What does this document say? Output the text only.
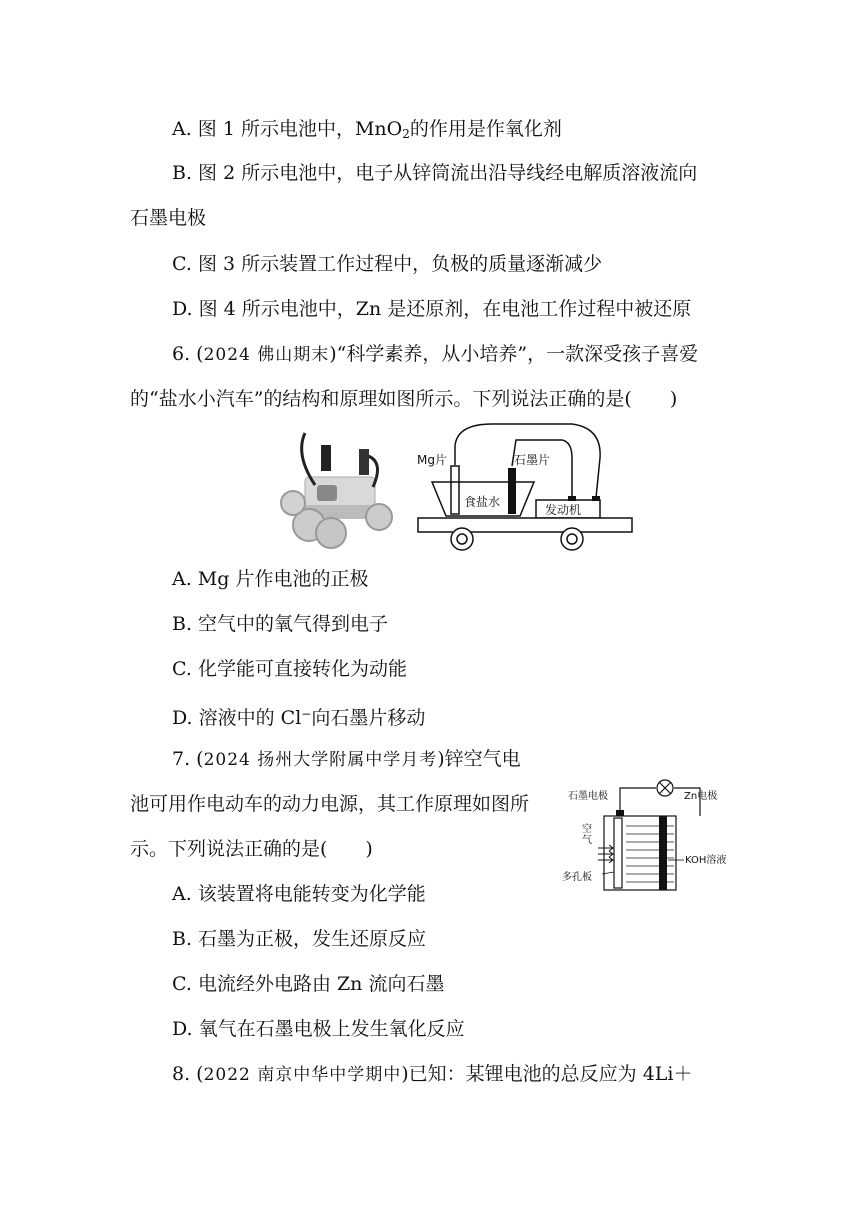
A. 图 1 所示电池中，MnO$_2$的作用是作氧化剂
B. 图 2 所示电池中，电子从锌筒流出沿导线经电解质溶液流向
石墨电极
C. 图 3 所示装置工作过程中，负极的质量逐渐减少
D. 图 4 所示电池中，Zn 是还原剂，在电池工作过程中被还原
6. (2024 佛山期末)“科学素养，从小培养”，一款深受孩子喜爱
的“盐水小汽车”的结构和原理如图所示。下列说法正确的是(　　)
Mg片	石墨片
食盐水
发动机
A. Mg 片作电池的正极
B. 空气中的氧气得到电子
C. 化学能可直接转化为动能
D. 溶液中的 Cl−向石墨片移动
7. (2024 扬州大学附属中学月考)锌空气电
池可用作电动车的动力电源，其工作原理如图所
示。下列说法正确的是(　　)
石墨电极	Zn电极
空气
KOH溶液
多孔板
A. 该装置将电能转变为化学能
B. 石墨为正极，发生还原反应
C. 电流经外电路由 Zn 流向石墨
D. 氧气在石墨电极上发生氧化反应
8. (2022 南京中华中学期中)已知：某锂电池的总反应为 4Li＋
